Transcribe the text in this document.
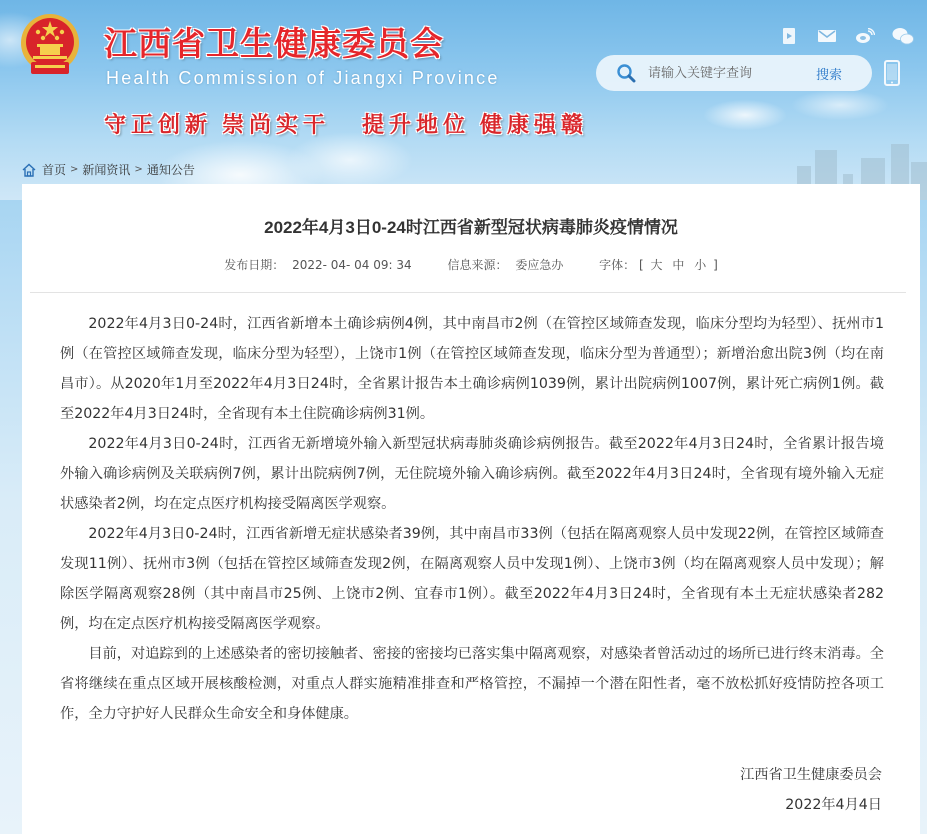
江西省卫生健康委员会
Health Commission of Jiangxi Province
守正创新 崇尚实干 提升地位 健康强赣
请输入关键字查询
搜索
首页 > 新闻资讯 > 通知公告
2022年4月3日0-24时江西省新型冠状病毒肺炎疫情情况
发布日期： 2022- 04- 04 09: 34	信息来源： 委应急办	字体： [ 大 中 小 ]

2022年4月3日0-24时，江西省新增本土确诊病例4例，其中南昌市2例（在管控区域筛查发现，临床分型均为轻型）、抚州市1例（在管控区域筛查发现，临床分型为轻型），上饶市1例（在管控区域筛查发现，临床分型为普通型）；新增治愈出院3例（均在南昌市）。从2020年1月至2022年4月3日24时，全省累计报告本土确诊病例1039例，累计出院病例1007例，累计死亡病例1例。截至2022年4月3日24时，全省现有本土住院确诊病例31例。

2022年4月3日0-24时，江西省无新增境外输入新型冠状病毒肺炎确诊病例报告。截至2022年4月3日24时，全省累计报告境外输入确诊病例及关联病例7例，累计出院病例7例，无住院境外输入确诊病例。截至2022年4月3日24时，全省现有境外输入无症状感染者2例，均在定点医疗机构接受隔离医学观察。

2022年4月3日0-24时，江西省新增无症状感染者39例，其中南昌市33例（包括在隔离观察人员中发现22例，在管控区域筛查发现11例）、抚州市3例（包括在管控区域筛查发现2例，在隔离观察人员中发现1例）、上饶市3例（均在隔离观察人员中发现）；解除医学隔离观察28例（其中南昌市25例、上饶市2例、宜春市1例）。截至2022年4月3日24时，全省现有本土无症状感染者282例，均在定点医疗机构接受隔离医学观察。

目前，对追踪到的上述感染者的密切接触者、密接的密接均已落实集中隔离观察，对感染者曾活动过的场所已进行终末消毒。全省将继续在重点区域开展核酸检测，对重点人群实施精准排查和严格管控，不漏掉一个潜在阳性者，毫不放松抓好疫情防控各项工作，全力守护好人民群众生命安全和身体健康。

江西省卫生健康委员会
2022年4月4日
